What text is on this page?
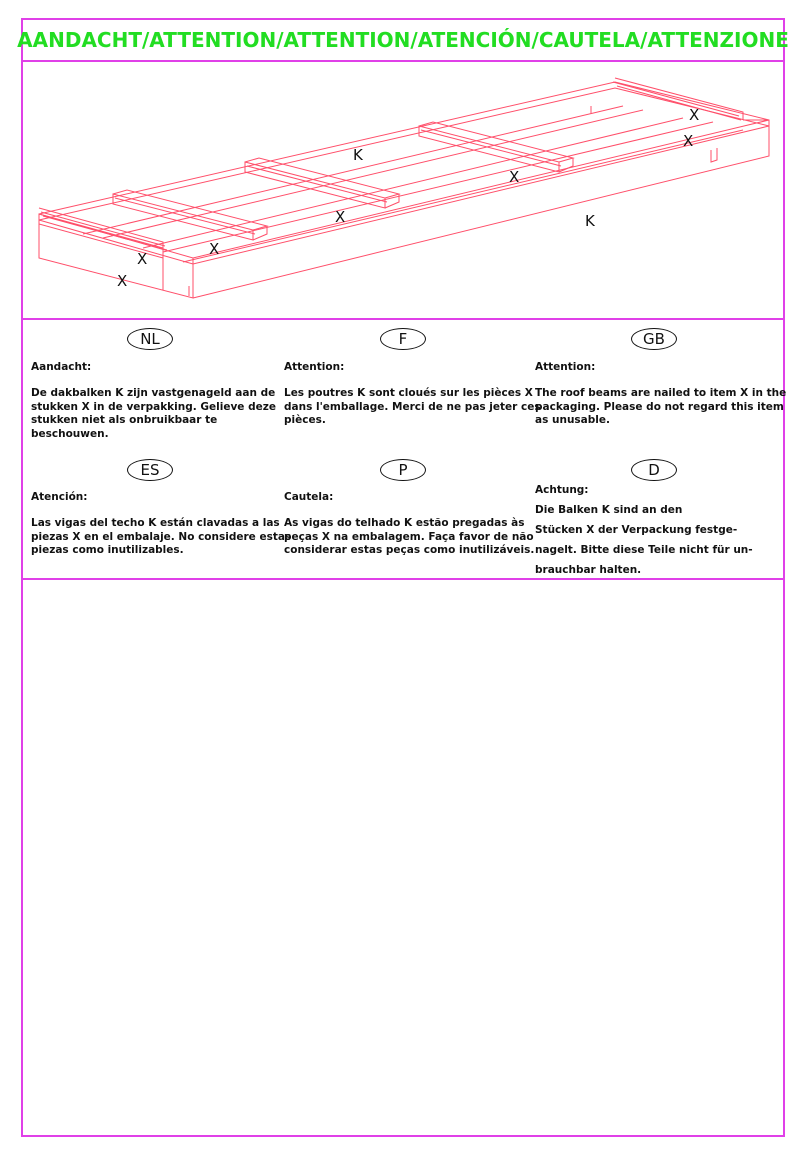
AANDACHT/ATTENTION/ATTENTION/ATENCIÓN/CAUTELA/ATTENZIONE
K
K
X
X
X
X
X
X
X
NL
Aandacht:
De dakbalken K zijn vastgenageld aan de
stukken X in de verpakking. Gelieve deze
stukken niet als onbruikbaar te
beschouwen.
F
Attention:
Les poutres K sont cloués sur les pièces X
dans l'emballage. Merci de ne pas jeter ces
pièces.
GB
Attention:
The roof beams are nailed to item X in the
packaging. Please do not regard this item
as unusable.
ES
Atención:
Las vigas del techo K están clavadas a las
piezas X en el embalaje. No considere estas
piezas como inutilizables.
P
Cautela:
As vigas do telhado K estão pregadas às
peças X na embalagem. Faça favor de não
considerar estas peças como inutilizáveis.
D
Achtung:
Die Balken K sind an den
Stücken X der Verpackung festge-
nagelt. Bitte diese Teile nicht für un-
brauchbar halten.
